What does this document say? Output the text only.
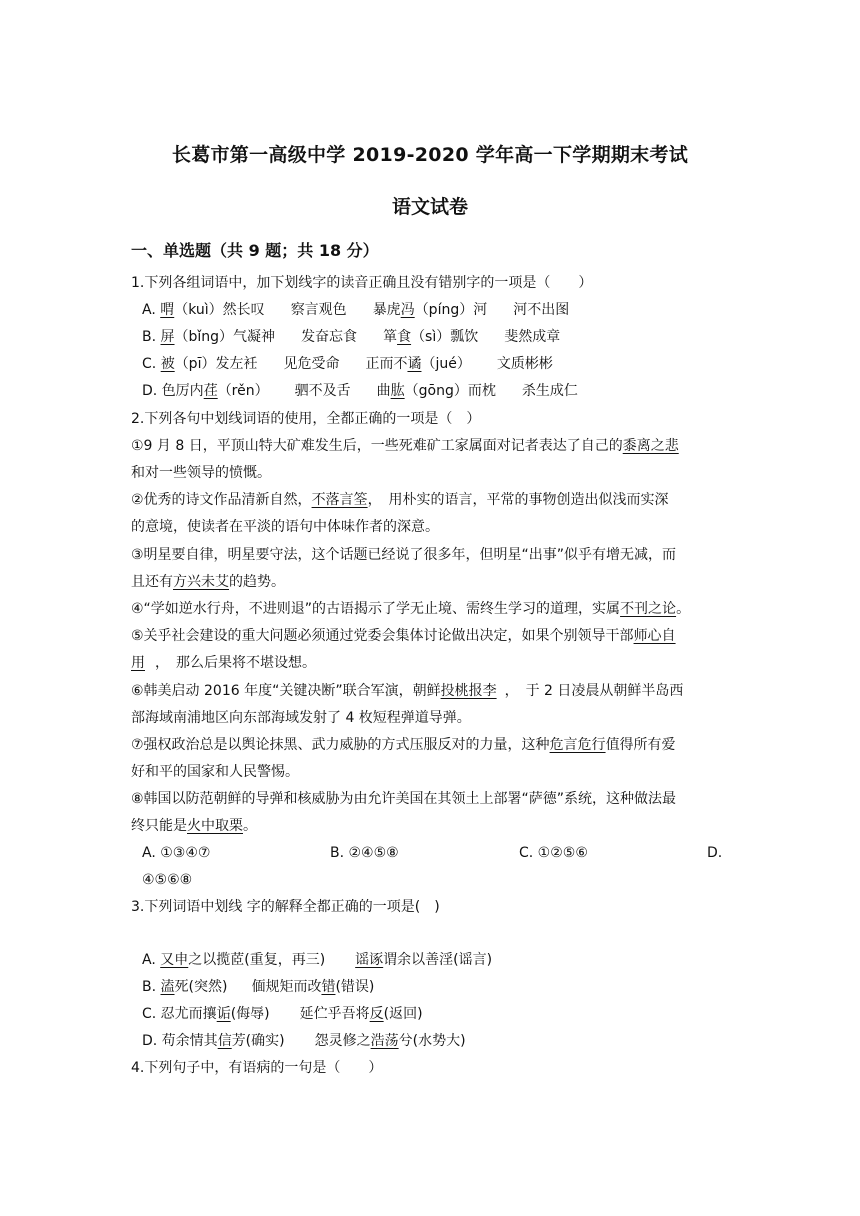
长葛市第一高级中学 2019-2020 学年高一下学期期末考试
语文试卷
一、单选题（共 9 题；共 18 分）
1.下列各组词语中，加下划线字的读音正确且没有错别字的一项是（　　）
A. 喟（kuì）然长叹 察言观色 暴虎冯（píng）河 河不出图
B. 屏（bǐng）气凝神 发奋忘食 箪食（sì）瓢饮 斐然成章
C. 被（pī）发左衽 见危受命 正而不谲（jué） 文质彬彬
D. 色厉内荏（rěn） 驷不及舌 曲肱（gōng）而枕 杀生成仁
2.下列各句中划线词语的使用，全都正确的一项是（　）
①9 月 8 日，平顶山特大矿难发生后，一些死难矿工家属面对记者表达了自己的黍离之悲
和对一些领导的愤慨。
②优秀的诗文作品清新自然，不落言筌，　用朴实的语言，平常的事物创造出似浅而实深
的意境，使读者在平淡的语句中体味作者的深意。
③明星要自律，明星要守法，这个话题已经说了很多年，但明星“出事”似乎有增无减，而
且还有方兴未艾的趋势。
④“学如逆水行舟，不进则退”的古语揭示了学无止境、需终生学习的道理，实属不刊之论。
⑤关乎社会建设的重大问题必须通过党委会集体讨论做出决定，如果个别领导干部师心自
用 ，　那么后果将不堪设想。
⑥韩美启动 2016 年度“关键决断”联合军演，朝鲜投桃报李 ，　于 2 日凌晨从朝鲜半岛西
部海域南浦地区向东部海域发射了 4 枚短程弹道导弹。
⑦强权政治总是以舆论抹黑、武力威胁的方式压服反对的力量，这种危言危行值得所有爱
好和平的国家和人民警惕。
⑧韩国以防范朝鲜的导弹和核威胁为由允许美国在其领土上部署“萨德”系统，这种做法最
终只能是火中取栗。
A. ①③④⑦	B. ②④⑤⑧	C. ①②⑤⑥	D.
④⑤⑥⑧
3.下列词语中划线 字的解释全都正确的一项是(　)
A. 又申之以揽茝(重复，再三) 谣诼谓余以善淫(谣言)
B. 溘死(突然) 偭规矩而改错(错误)
C. 忍尤而攘诟(侮辱) 延伫乎吾将反(返回)
D. 苟余情其信芳(确实) 怨灵修之浩荡兮(水势大)
4.下列句子中，有语病的一句是（　　）
